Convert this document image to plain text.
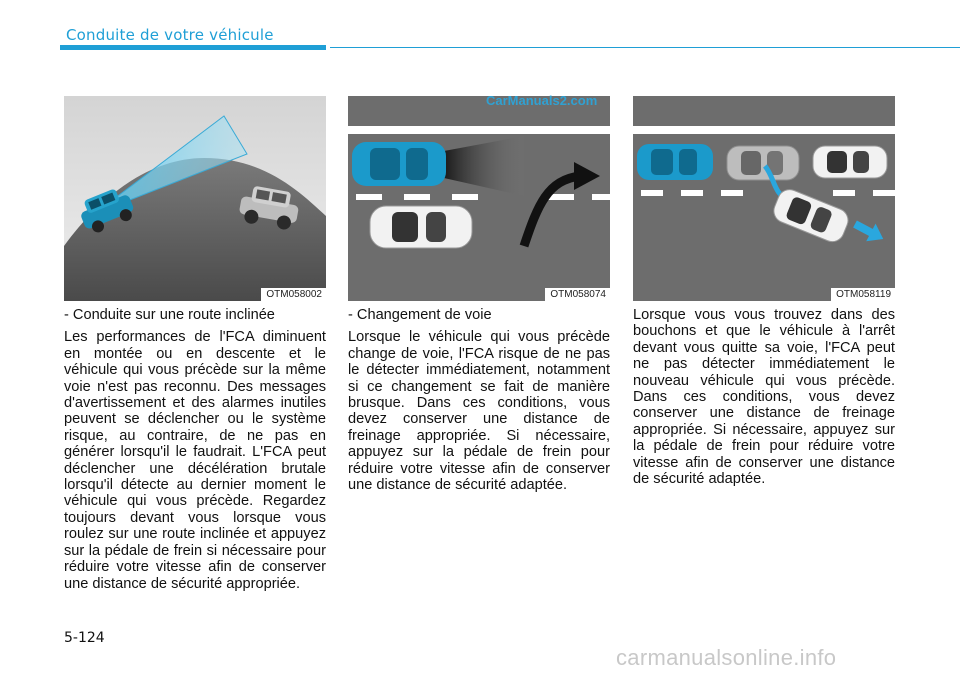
Conduite de votre véhicule
OTM058002	OTM058074	OTM058119
CarManuals2.com

- Conduite sur une route inclinée

Les performances de l'FCA diminuent en montée ou en descente et le véhicule qui vous précède sur la même voie n'est pas reconnu. Des messages d'avertissement et des alarmes inutiles peuvent se déclencher ou le système risque, au contraire, de ne pas en générer lorsqu'il le faudrait. L'FCA peut déclencher une décélération brutale lorsqu'il détecte au dernier moment le véhicule qui vous précède. Regardez toujours devant vous lorsque vous roulez sur une route inclinée et appuyez sur la pédale de frein si nécessaire pour réduire votre vitesse afin de conserver une distance de sécurité appropriée.

- Changement de voie

Lorsque le véhicule qui vous précède change de voie, l'FCA risque de ne pas le détecter immédiatement, notamment si ce changement se fait de manière brusque. Dans ces conditions, vous devez conserver une distance de freinage appropriée. Si nécessaire, appuyez sur la pédale de frein pour réduire votre vitesse afin de conserver une distance de sécurité adaptée.

Lorsque vous vous trouvez dans des bouchons et que le véhicule à l'arrêt devant vous quitte sa voie, l'FCA peut ne pas détecter immédiatement le nouveau véhicule qui vous précède. Dans ces conditions, vous devez conserver une distance de freinage appropriée. Si nécessaire, appuyez sur la pédale de frein pour réduire votre vitesse afin de conserver une distance de sécurité adaptée.

5-124
carmanualsonline.info
